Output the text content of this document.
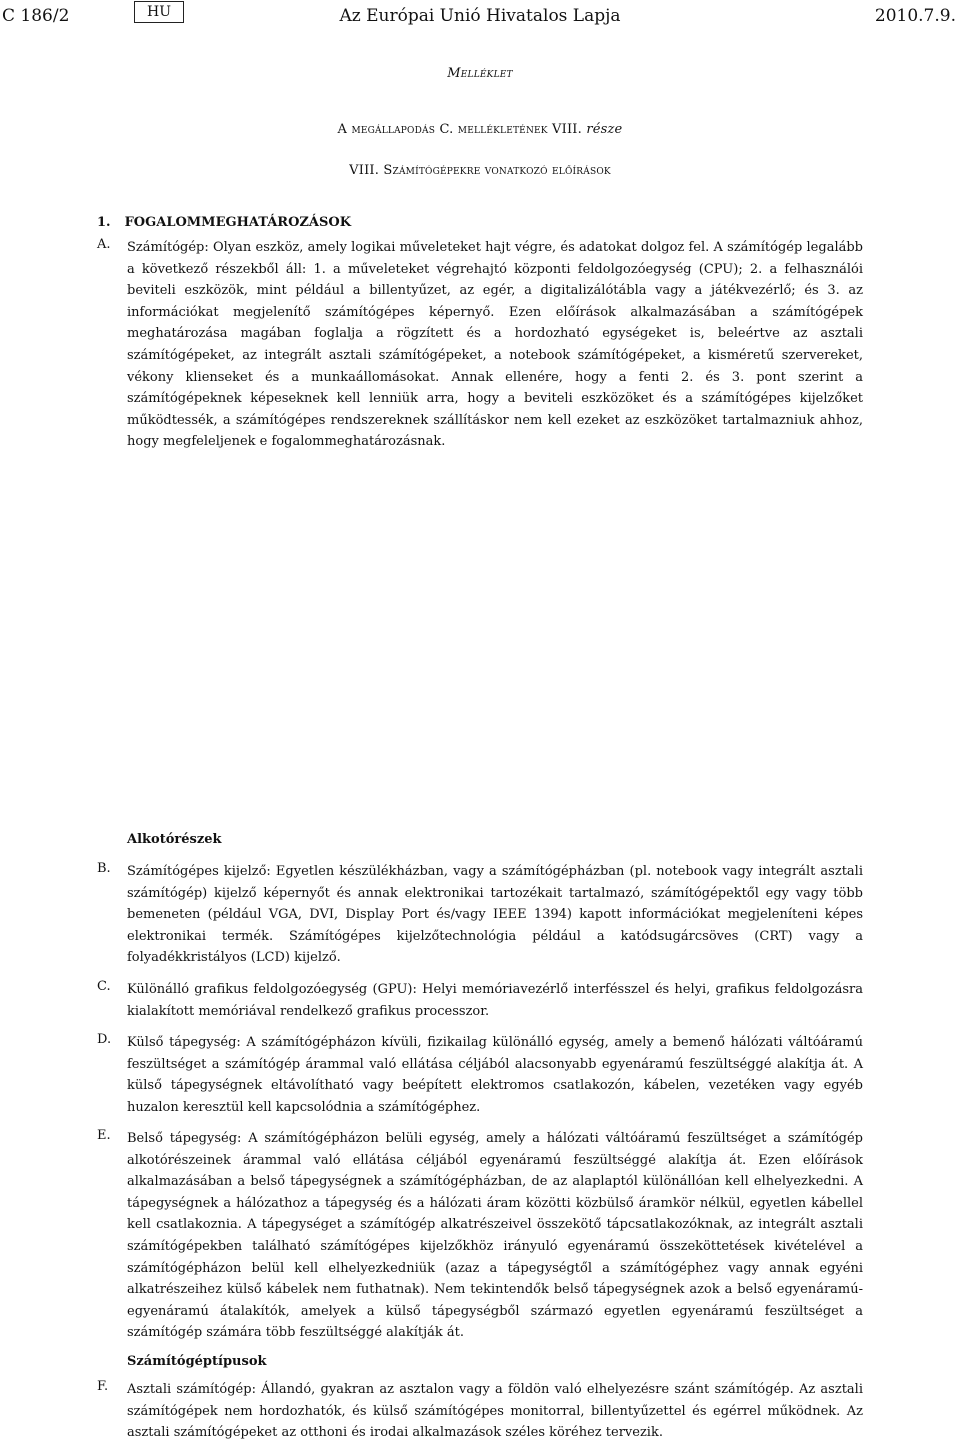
C 186/2	HU	Az Európai Unió Hivatalos Lapja	2010.7.9.
Melléklet
A megállapodás C. mellékletének VIII. része
VIII. Számítógépekre vonatkozó előírások
1. FOGALOMMEGHATÁROZÁSOK
A. Számítógép: Olyan eszköz, amely logikai műveleteket hajt végre, és adatokat dolgoz fel. A számítógép legalább a következő részekből áll: 1. a műveleteket végrehajtó központi feldolgozóegység (CPU); 2. a felhasználói beviteli eszközök, mint például a billentyűzet, az egér, a digitalizálótábla vagy a játékvezérlő; és 3. az információkat megjelenítő számítógépes képernyő. Ezen előírások alkalmazásában a számítógépek meghatározása magában foglalja a rögzített és a hordozható egységeket is, beleértve az asztali számítógépeket, az integrált asztali számítógépeket, a notebook számítógépeket, a kisméretű szervereket, vékony klienseket és a munkaállomásokat. Annak ellenére, hogy a fenti 2. és 3. pont szerint a számítógépeknek képeseknek kell lenniük arra, hogy a beviteli eszközöket és a számítógépes kijelzőket működtessék, a számítógépes rendszereknek szállításkor nem kell ezeket az eszközöket tartalmazniuk ahhoz, hogy megfeleljenek e fogalommeghatározásnak.
Alkotórészek
B. Számítógépes kijelző: Egyetlen készülékházban, vagy a számítógépházban (pl. notebook vagy integrált asztali számítógép) kijelző képernyőt és annak elektronikai tartozékait tartalmazó, számítógépektől egy vagy több bemeneten (például VGA, DVI, Display Port és/vagy IEEE 1394) kapott információkat megjeleníteni képes elektronikai termék. Számítógépes kijelzőtechnológia például a katódsugárcsöves (CRT) vagy a folyadékkristályos (LCD) kijelző.
C. Különálló grafikus feldolgozóegység (GPU): Helyi memóriavezérlő interfésszel és helyi, grafikus feldolgozásra kialakított memóriával rendelkező grafikus processzor.
D. Külső tápegység: A számítógépházon kívüli, fizikailag különálló egység, amely a bemenő hálózati váltóáramú feszültséget a számítógép árammal való ellátása céljából alacsonyabb egyenáramú feszültséggé alakítja át. A külső tápegységnek eltávolítható vagy beépített elektromos csatlakozón, kábelen, vezetéken vagy egyéb huzalon keresztül kell kapcsolódnia a számítógéphez.
E. Belső tápegység: A számítógépházon belüli egység, amely a hálózati váltóáramú feszültséget a számítógép alkotórészeinek árammal való ellátása céljából egyenáramú feszültséggé alakítja át. Ezen előírások alkalmazásában a belső tápegységnek a számítógépházban, de az alaplaptól különállóan kell elhelyezkedni. A tápegységnek a hálózathoz a tápegység és a hálózati áram közötti közbülső áramkör nélkül, egyetlen kábellel kell csatlakoznia. A tápegységet a számítógép alkatrészeivel összekötő tápcsatlakozóknak, az integrált asztali számítógépekben található számítógépes kijelzőkhöz irányuló egyenáramú összeköttetések kivételével a számítógépházon belül kell elhelyezkedniük (azaz a tápegységtől a számítógéphez vagy annak egyéni alkatrészeihez külső kábelek nem futhatnak). Nem tekintendők belső tápegységnek azok a belső egyenáramú-egyenáramú átalakítók, amelyek a külső tápegységből származó egyetlen egyenáramú feszültséget a számítógép számára több feszültséggé alakítják át.
Számítógéptípusok
F. Asztali számítógép: Állandó, gyakran az asztalon vagy a földön való elhelyezésre szánt számítógép. Az asztali számítógépek nem hordozhatók, és külső számítógépes monitorral, billentyűzettel és egérrel működnek. Az asztali számítógépeket az otthoni és irodai alkalmazások széles köréhez tervezik.
